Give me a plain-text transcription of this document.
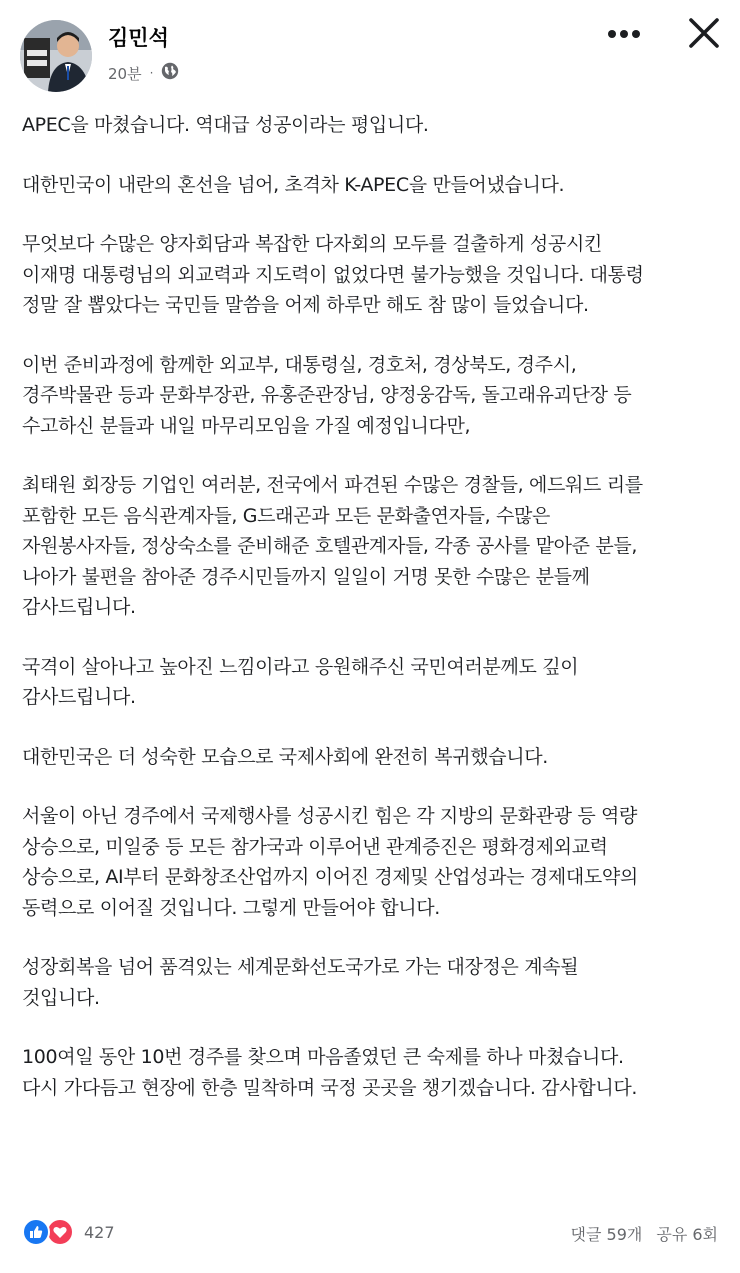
김민석
20분 ·

APEC을 마쳤습니다. 역대급 성공이라는 평입니다.

대한민국이 내란의 혼선을 넘어, 초격차 K-APEC을 만들어냈습니다.

무엇보다 수많은 양자회담과 복잡한 다자회의 모두를 걸출하게 성공시킨
이재명 대통령님의 외교력과 지도력이 없었다면 불가능했을 것입니다. 대통령
정말 잘 뽑았다는 국민들 말씀을 어제 하루만 해도 참 많이 들었습니다.

이번 준비과정에 함께한 외교부, 대통령실, 경호처, 경상북도, 경주시,
경주박물관 등과 문화부장관, 유홍준관장님, 양정웅감독, 돌고래유괴단장 등
수고하신 분들과 내일 마무리모임을 가질 예정입니다만,

최태원 회장등 기업인 여러분, 전국에서 파견된 수많은 경찰들, 에드워드 리를
포함한 모든 음식관계자들, G드래곤과 모든 문화출연자들, 수많은
자원봉사자들, 정상숙소를 준비해준 호텔관계자들, 각종 공사를 맡아준 분들,
나아가 불편을 참아준 경주시민들까지 일일이 거명 못한 수많은 분들께
감사드립니다.

국격이 살아나고 높아진 느낌이라고 응원해주신 국민여러분께도 깊이
감사드립니다.

대한민국은 더 성숙한 모습으로 국제사회에 완전히 복귀했습니다.

서울이 아닌 경주에서 국제행사를 성공시킨 힘은 각 지방의 문화관광 등 역량
상승으로, 미일중 등 모든 참가국과 이루어낸 관계증진은 평화경제외교력
상승으로, AI부터 문화창조산업까지 이어진 경제및 산업성과는 경제대도약의
동력으로 이어질 것입니다. 그렇게 만들어야 합니다.

성장회복을 넘어 품격있는 세계문화선도국가로 가는 대장정은 계속될
것입니다.

100여일 동안 10번 경주를 찾으며 마음졸였던 큰 숙제를 하나 마쳤습니다.
다시 가다듬고 현장에 한층 밀착하며 국정 곳곳을 챙기겠습니다. 감사합니다.

427	댓글 59개 공유 6회
